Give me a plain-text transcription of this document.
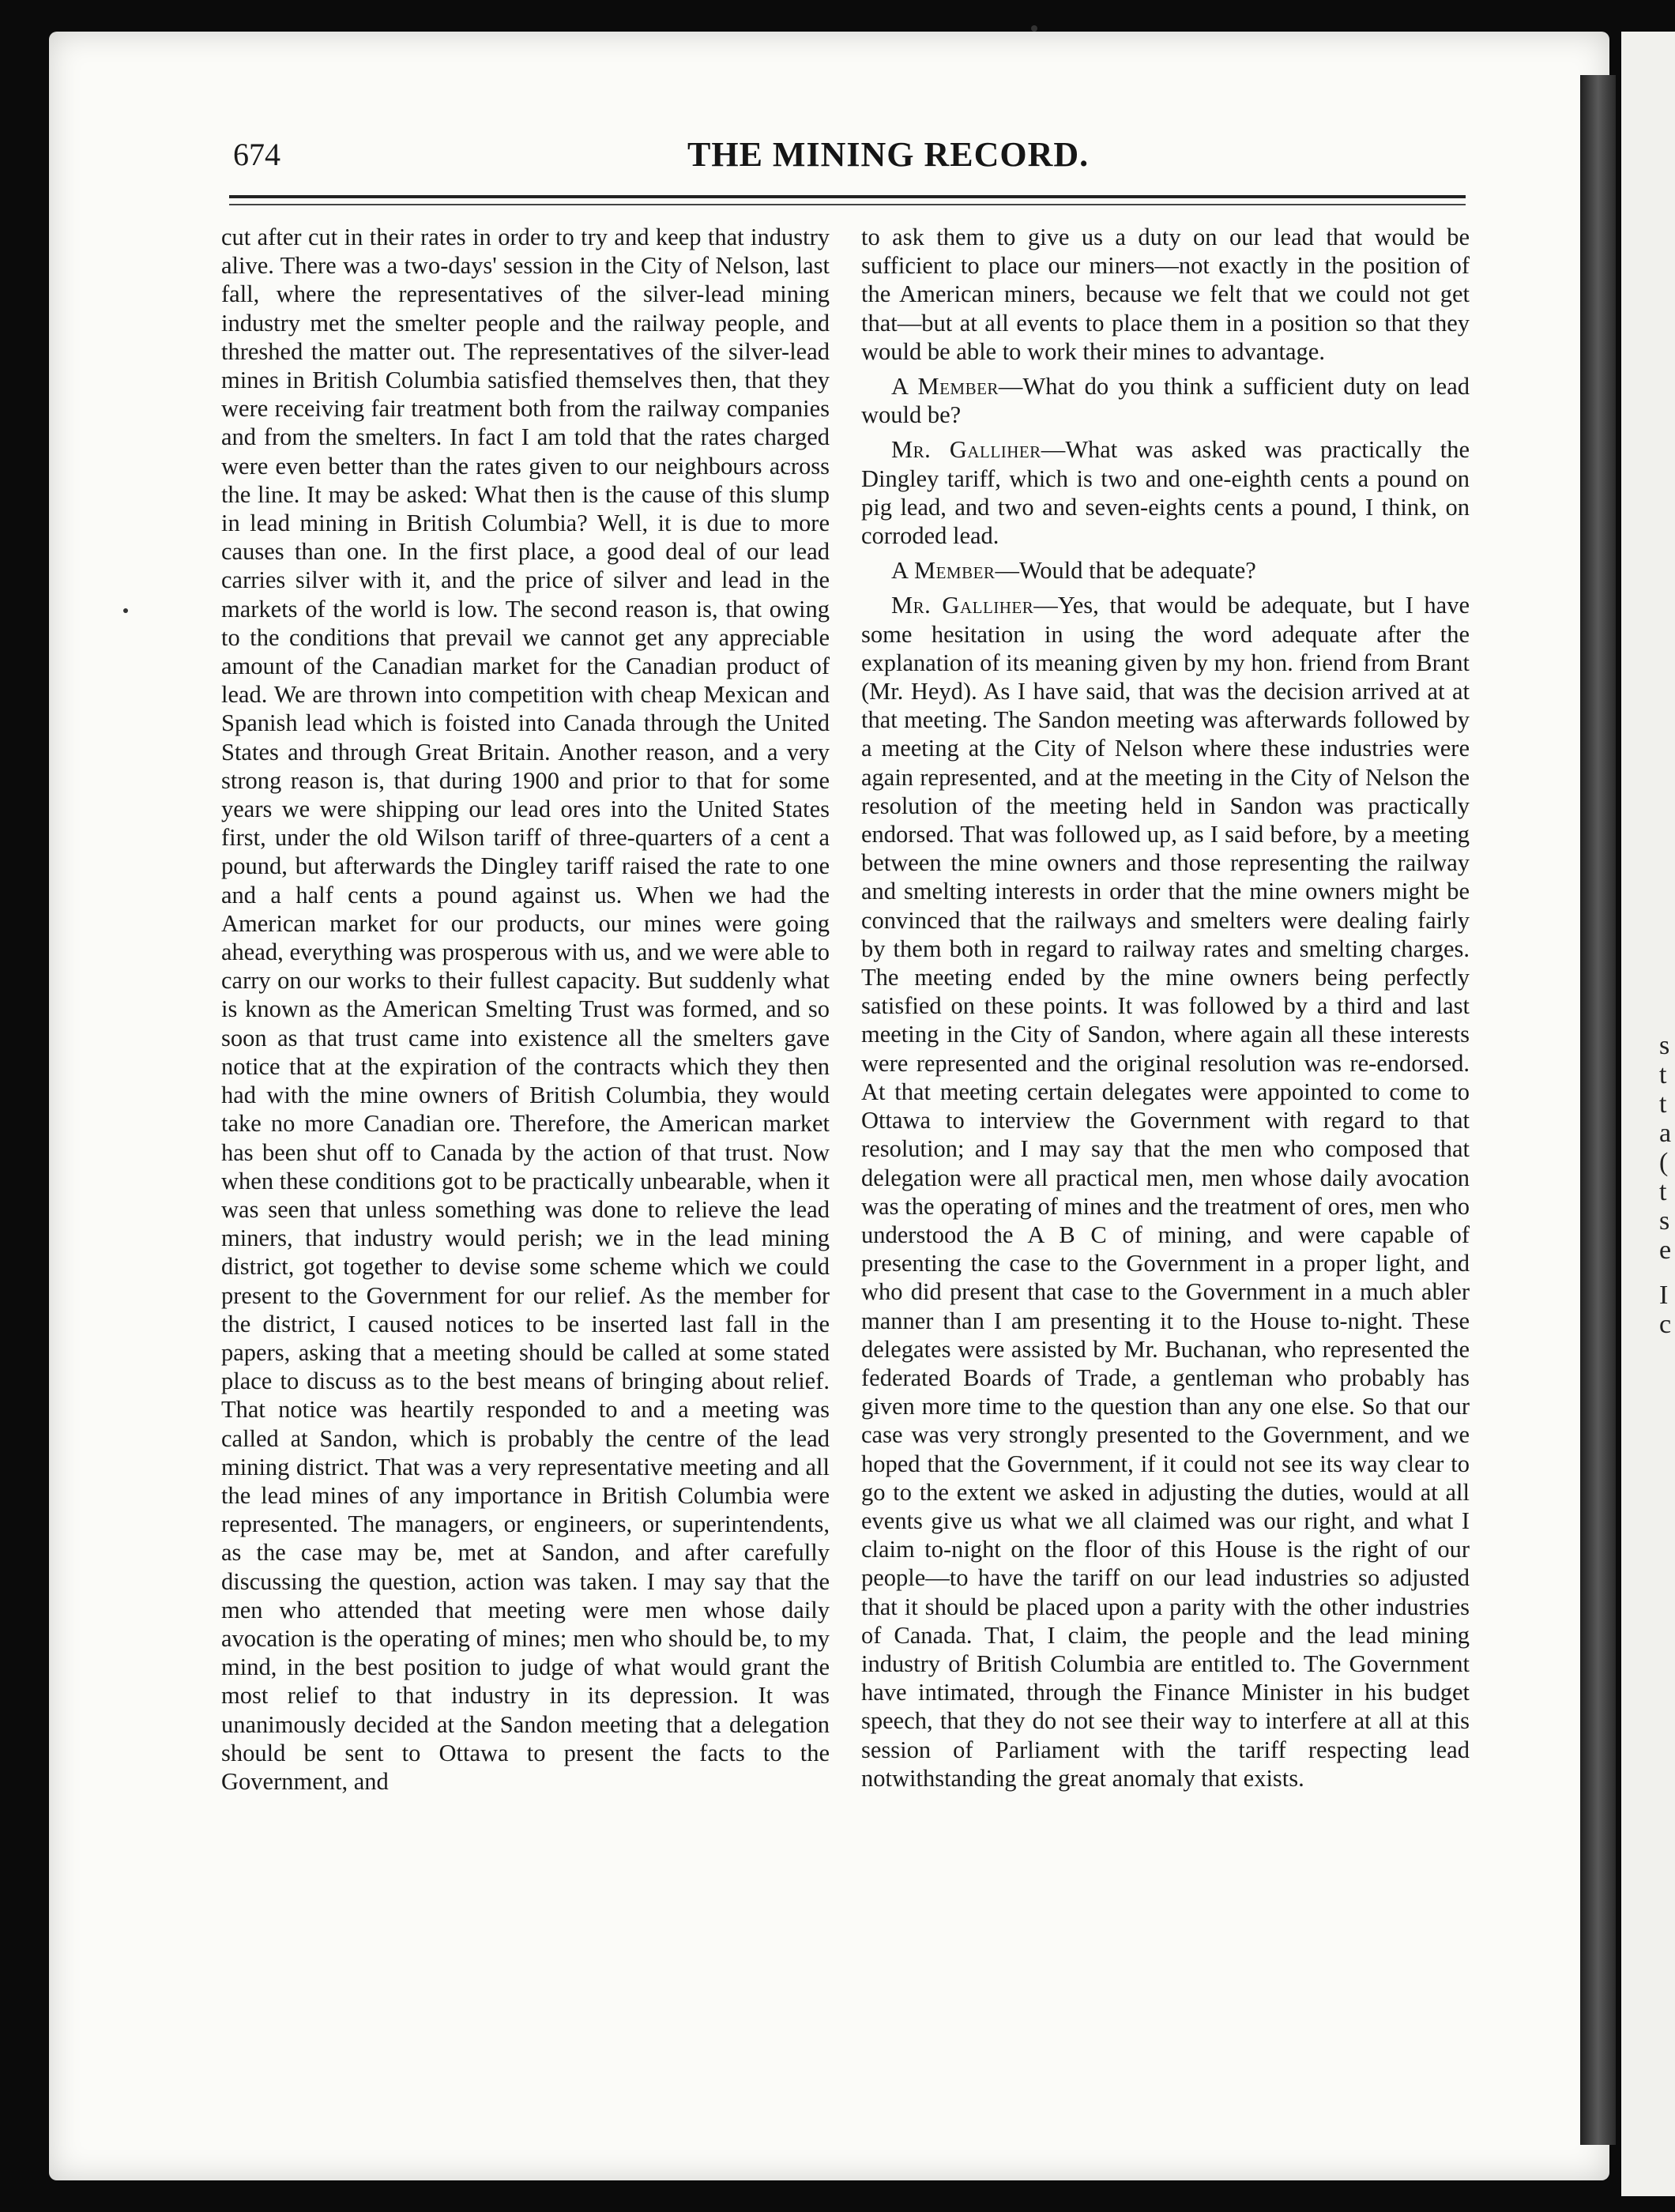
s
t
t
a
(
t
s
e
I
c

674	THE MINING RECORD.

cut after cut in their rates in order to try and keep that industry alive. There was a two-days' session in the City of Nelson, last fall, where the representatives of the silver-lead mining industry met the smelter people and the railway people, and threshed the matter out. The representatives of the silver-lead mines in British Columbia satisfied themselves then, that they were receiving fair treatment both from the railway companies and from the smelters. In fact I am told that the rates charged were even better than the rates given to our neighbours across the line. It may be asked: What then is the cause of this slump in lead mining in British Columbia? Well, it is due to more causes than one. In the first place, a good deal of our lead carries silver with it, and the price of silver and lead in the markets of the world is low. The second reason is, that owing to the conditions that prevail we cannot get any appreciable amount of the Canadian market for the Canadian product of lead. We are thrown into competition with cheap Mexican and Spanish lead which is foisted into Canada through the United States and through Great Britain. Another reason, and a very strong reason is, that during 1900 and prior to that for some years we were shipping our lead ores into the United States first, under the old Wilson tariff of three-quarters of a cent a pound, but afterwards the Dingley tariff raised the rate to one and a half cents a pound against us. When we had the American market for our products, our mines were going ahead, everything was prosperous with us, and we were able to carry on our works to their fullest capacity. But suddenly what is known as the American Smelting Trust was formed, and so soon as that trust came into existence all the smelters gave notice that at the expiration of the contracts which they then had with the mine owners of British Columbia, they would take no more Canadian ore. Therefore, the American market has been shut off to Canada by the action of that trust. Now when these conditions got to be practically unbearable, when it was seen that unless something was done to relieve the lead miners, that industry would perish; we in the lead mining district, got together to devise some scheme which we could present to the Government for our relief. As the member for the district, I caused notices to be inserted last fall in the papers, asking that a meeting should be called at some stated place to discuss as to the best means of bringing about relief. That notice was heartily responded to and a meeting was called at Sandon, which is probably the centre of the lead mining district. That was a very representative meeting and all the lead mines of any importance in British Columbia were represented. The managers, or engineers, or superintendents, as the case may be, met at Sandon, and after carefully discussing the question, action was taken. I may say that the men who attended that meeting were men whose daily avocation is the operating of mines; men who should be, to my mind, in the best position to judge of what would grant the most relief to that industry in its depression. It was unanimously decided at the Sandon meeting that a delegation should be sent to Ottawa to present the facts to the Government, and

to ask them to give us a duty on our lead that would be sufficient to place our miners—not exactly in the position of the American miners, because we felt that we could not get that—but at all events to place them in a position so that they would be able to work their mines to advantage.

A Member—What do you think a sufficient duty on lead would be?

Mr. Galliher—What was asked was practically the Dingley tariff, which is two and one-eighth cents a pound on pig lead, and two and seven-eights cents a pound, I think, on corroded lead.

A Member—Would that be adequate?

Mr. Galliher—Yes, that would be adequate, but I have some hesitation in using the word adequate after the explanation of its meaning given by my hon. friend from Brant (Mr. Heyd). As I have said, that was the decision arrived at at that meeting. The Sandon meeting was afterwards followed by a meeting at the City of Nelson where these industries were again represented, and at the meeting in the City of Nelson the resolution of the meeting held in Sandon was practically endorsed. That was followed up, as I said before, by a meeting between the mine owners and those representing the railway and smelting interests in order that the mine owners might be convinced that the railways and smelters were dealing fairly by them both in regard to railway rates and smelting charges. The meeting ended by the mine owners being perfectly satisfied on these points. It was followed by a third and last meeting in the City of Sandon, where again all these interests were represented and the original resolution was re-endorsed. At that meeting certain delegates were appointed to come to Ottawa to interview the Government with regard to that resolution; and I may say that the men who composed that delegation were all practical men, men whose daily avocation was the operating of mines and the treatment of ores, men who understood the A B C of mining, and were capable of presenting the case to the Government in a proper light, and who did present that case to the Government in a much abler manner than I am presenting it to the House to-night. These delegates were assisted by Mr. Buchanan, who represented the federated Boards of Trade, a gentleman who probably has given more time to the question than any one else. So that our case was very strongly presented to the Government, and we hoped that the Government, if it could not see its way clear to go to the extent we asked in adjusting the duties, would at all events give us what we all claimed was our right, and what I claim to-night on the floor of this House is the right of our people—to have the tariff on our lead industries so adjusted that it should be placed upon a parity with the other industries of Canada. That, I claim, the people and the lead mining industry of British Columbia are entitled to. The Government have intimated, through the Finance Minister in his budget speech, that they do not see their way to interfere at all at this session of Parliament with the tariff respecting lead notwithstanding the great anomaly that exists.
